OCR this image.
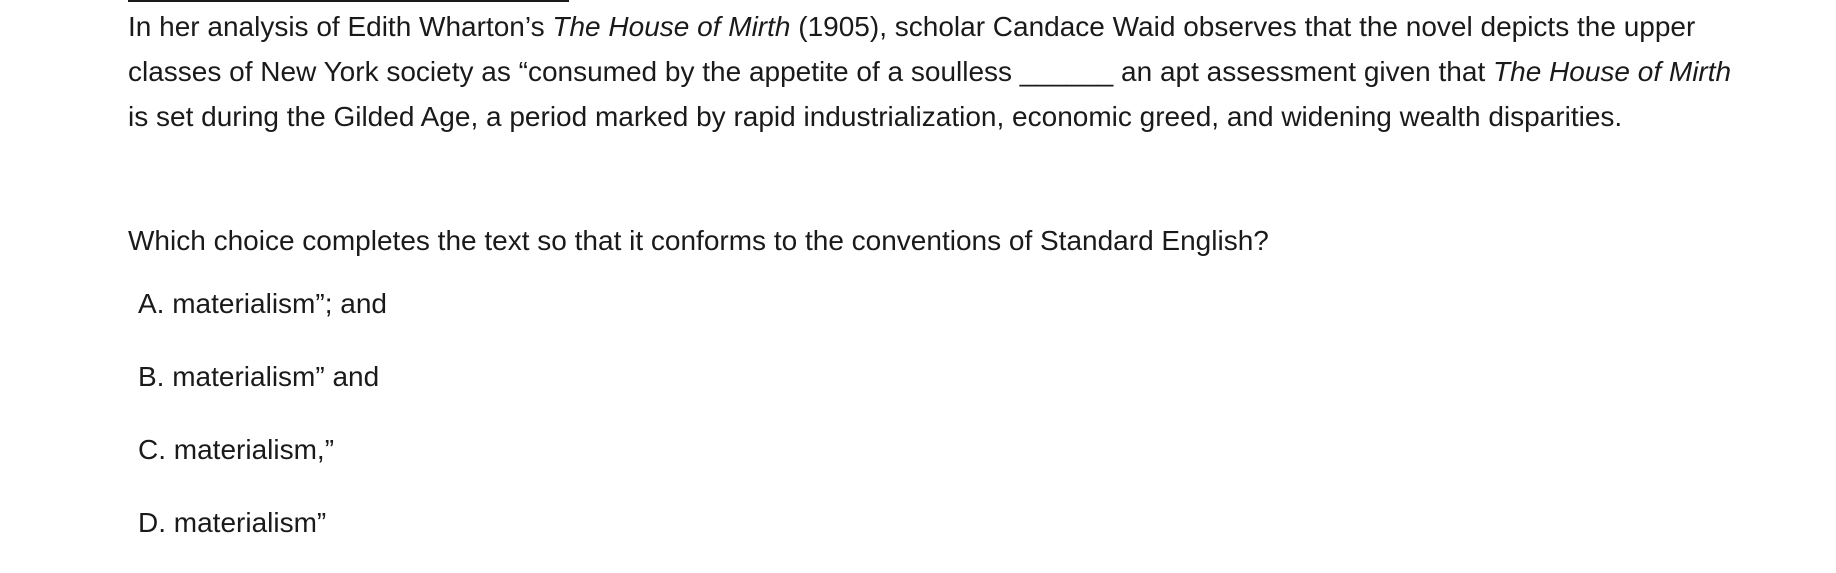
In her analysis of Edith Wharton’s The House of Mirth (1905), scholar Candace Waid observes that the novel depicts the upper classes of New York society as “consumed by the appetite of a soulless ______ an apt assessment given that The House of Mirth is set during the Gilded Age, a period marked by rapid industrialization, economic greed, and widening wealth disparities.

Which choice completes the text so that it conforms to the conventions of Standard English?

A. materialism”; and
B. materialism” and
C. materialism,”
D. materialism”
